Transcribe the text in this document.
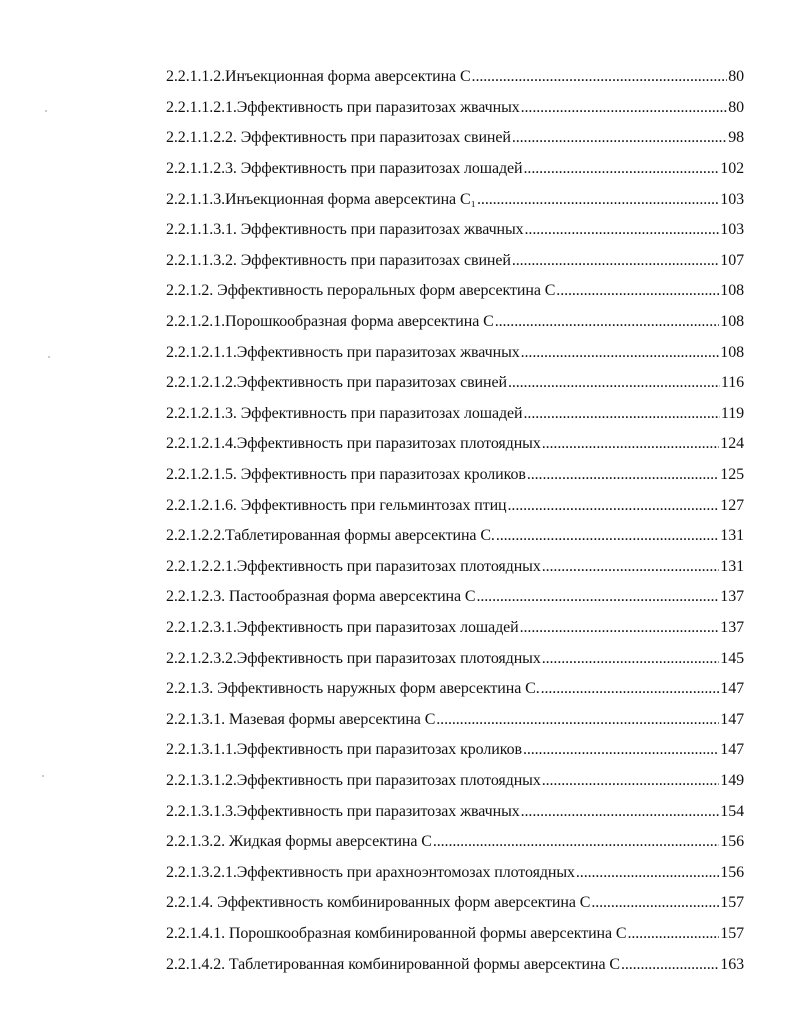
2.2.1.1.2.Инъекционная форма аверсектина С .....	80
2.2.1.1.2.1.Эффективность при паразитозах жвачных .....	80
2.2.1.1.2.2. Эффективность при паразитозах свиней .....	98
2.2.1.1.2.3. Эффективность при паразитозах лошадей .....	102
2.2.1.1.3.Инъекционная форма аверсектина С₁ .....	103
2.2.1.1.3.1. Эффективность при паразитозах жвачных .....	103
2.2.1.1.3.2. Эффективность при паразитозах свиней .....	107
2.2.1.2. Эффективность пероральных форм аверсектина С .....	108
2.2.1.2.1.Порошкообразная форма аверсектина С .....	108
2.2.1.2.1.1.Эффективность при паразитозах жвачных .....	108
2.2.1.2.1.2.Эффективность при паразитозах свиней .....	116
2.2.1.2.1.3. Эффективность при паразитозах лошадей .....	119
2.2.1.2.1.4.Эффективность при паразитозах плотоядных .....	124
2.2.1.2.1.5. Эффективность при паразитозах кроликов .....	125
2.2.1.2.1.6. Эффективность при гельминтозах птиц .....	127
2.2.1.2.2.Таблетированная формы аверсектина С. .....	131
2.2.1.2.2.1.Эффективность при паразитозах плотоядных .....	131
2.2.1.2.3. Пастообразная форма аверсектина С .....	137
2.2.1.2.3.1.Эффективность при паразитозах лошадей .....	137
2.2.1.2.3.2.Эффективность при паразитозах плотоядных .....	145
2.2.1.3. Эффективность наружных форм аверсектина С. .....	147
2.2.1.3.1. Мазевая формы аверсектина С .....	147
2.2.1.3.1.1.Эффективность при паразитозах кроликов .....	147
2.2.1.3.1.2.Эффективность при паразитозах плотоядных .....	149
2.2.1.3.1.3.Эффективность при паразитозах жвачных .....	154
2.2.1.3.2. Жидкая формы аверсектина С .....	156
2.2.1.3.2.1.Эффективность при арахноэнтомозах плотоядных .....	156
2.2.1.4. Эффективность комбинированных форм аверсектина С .....	157
2.2.1.4.1. Порошкообразная комбинированной формы аверсектина С .....	157
2.2.1.4.2. Таблетированная комбинированной формы аверсектина С .....	163
